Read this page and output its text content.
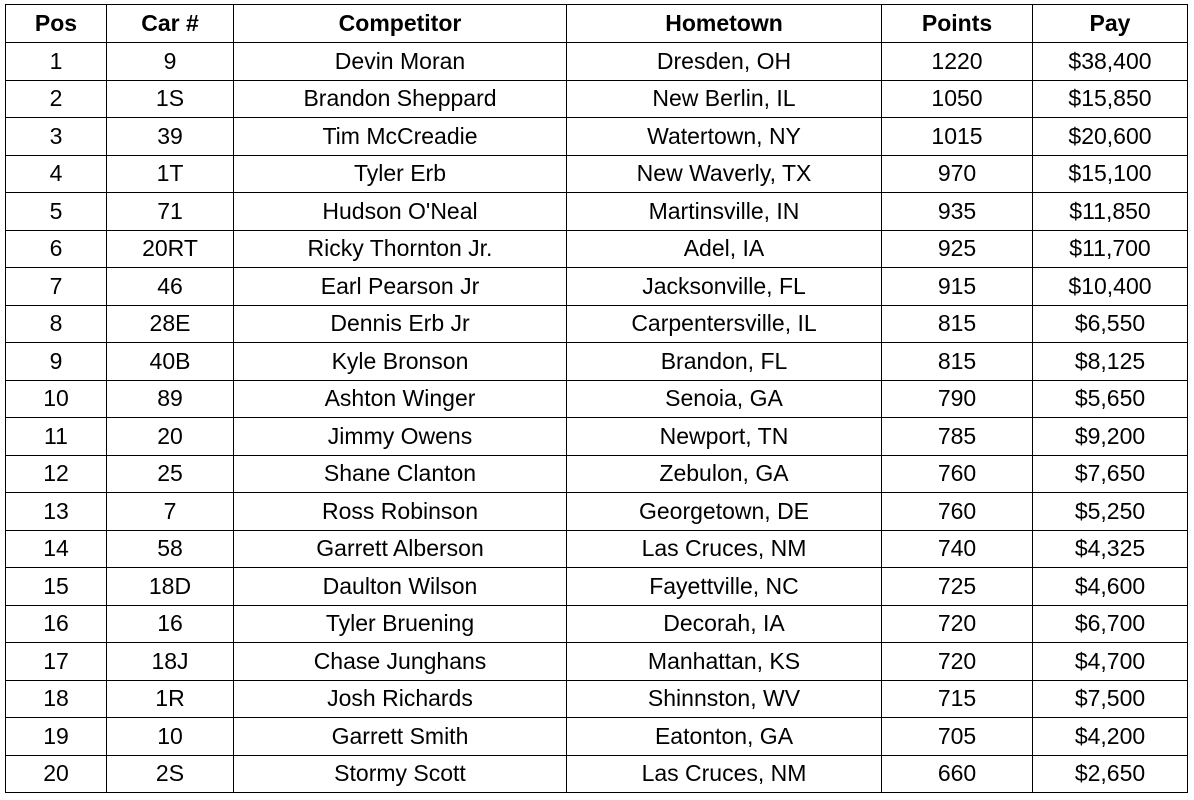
Pos	Car #	Competitor	Hometown	Points	Pay
1	9	Devin Moran	Dresden, OH	1220	$38,400
2	1S	Brandon Sheppard	New Berlin, IL	1050	$15,850
3	39	Tim McCreadie	Watertown, NY	1015	$20,600
4	1T	Tyler Erb	New Waverly, TX	970	$15,100
5	71	Hudson O'Neal	Martinsville, IN	935	$11,850
6	20RT	Ricky Thornton Jr.	Adel, IA	925	$11,700
7	46	Earl Pearson Jr	Jacksonville, FL	915	$10,400
8	28E	Dennis Erb Jr	Carpentersville, IL	815	$6,550
9	40B	Kyle Bronson	Brandon, FL	815	$8,125
10	89	Ashton Winger	Senoia, GA	790	$5,650
11	20	Jimmy Owens	Newport, TN	785	$9,200
12	25	Shane Clanton	Zebulon, GA	760	$7,650
13	7	Ross Robinson	Georgetown, DE	760	$5,250
14	58	Garrett Alberson	Las Cruces, NM	740	$4,325
15	18D	Daulton Wilson	Fayettville, NC	725	$4,600
16	16	Tyler Bruening	Decorah, IA	720	$6,700
17	18J	Chase Junghans	Manhattan, KS	720	$4,700
18	1R	Josh Richards	Shinnston, WV	715	$7,500
19	10	Garrett Smith	Eatonton, GA	705	$4,200
20	2S	Stormy Scott	Las Cruces, NM	660	$2,650
